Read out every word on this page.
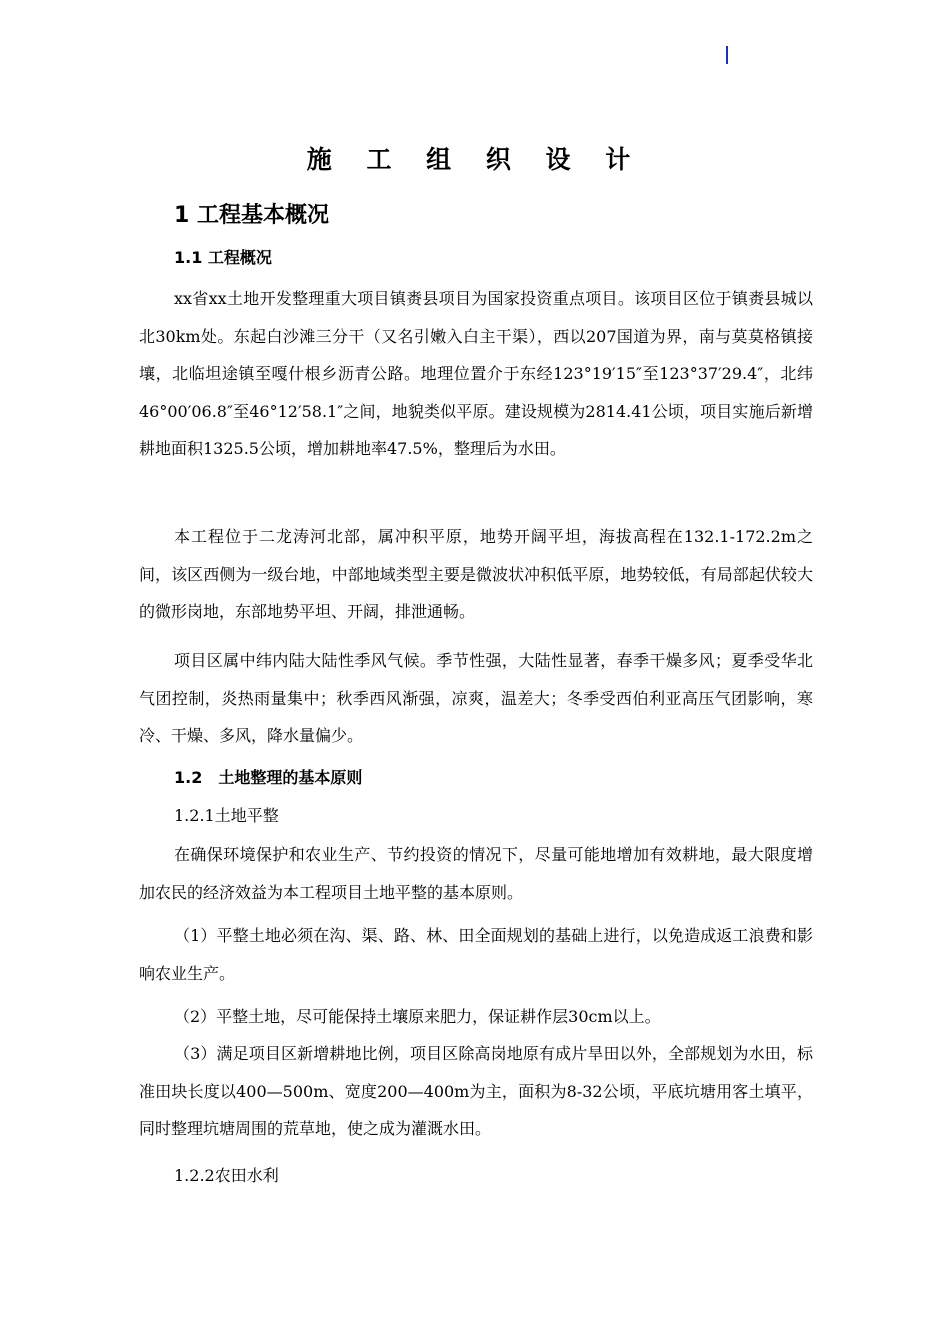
施 工 组 织 设 计
1 工程基本概况
1.1 工程概况

xx省xx土地开发整理重大项目镇赉县项目为国家投资重点项目。该项目区位于镇赉县城以北30km处。东起白沙滩三分干（又名引嫩入白主干渠），西以207国道为界，南与莫莫格镇接壤，北临坦途镇至嘎什根乡沥青公路。地理位置介于东经123°19′15″至123°37′29.4″，北纬46°00′06.8″至46°12′58.1″之间，地貌类似平原。建设规模为2814.41公顷，项目实施后新增耕地面积1325.5公顷，增加耕地率47.5%，整理后为水田。

本工程位于二龙涛河北部，属冲积平原，地势开阔平坦，海拔高程在132.1-172.2m之间，该区西侧为一级台地，中部地域类型主要是微波状冲积低平原，地势较低，有局部起伏较大的微形岗地，东部地势平坦、开阔，排泄通畅。

项目区属中纬内陆大陆性季风气候。季节性强，大陆性显著，春季干燥多风；夏季受华北气团控制，炎热雨量集中；秋季西风渐强，凉爽，温差大；冬季受西伯利亚高压气团影响，寒冷、干燥、多风，降水量偏少。

1.2　土地整理的基本原则
1.2.1土地平整

在确保环境保护和农业生产、节约投资的情况下，尽量可能地增加有效耕地，最大限度增加农民的经济效益为本工程项目土地平整的基本原则。

（1）平整土地必须在沟、渠、路、林、田全面规划的基础上进行，以免造成返工浪费和影响农业生产。

（2）平整土地，尽可能保持土壤原来肥力，保证耕作层30cm以上。

（3）满足项目区新增耕地比例，项目区除高岗地原有成片旱田以外，全部规划为水田，标准田块长度以400—500m、宽度200—400m为主，面积为8-32公顷，平底坑塘用客土填平，同时整理坑塘周围的荒草地，使之成为灌溉水田。

1.2.2农田水利
